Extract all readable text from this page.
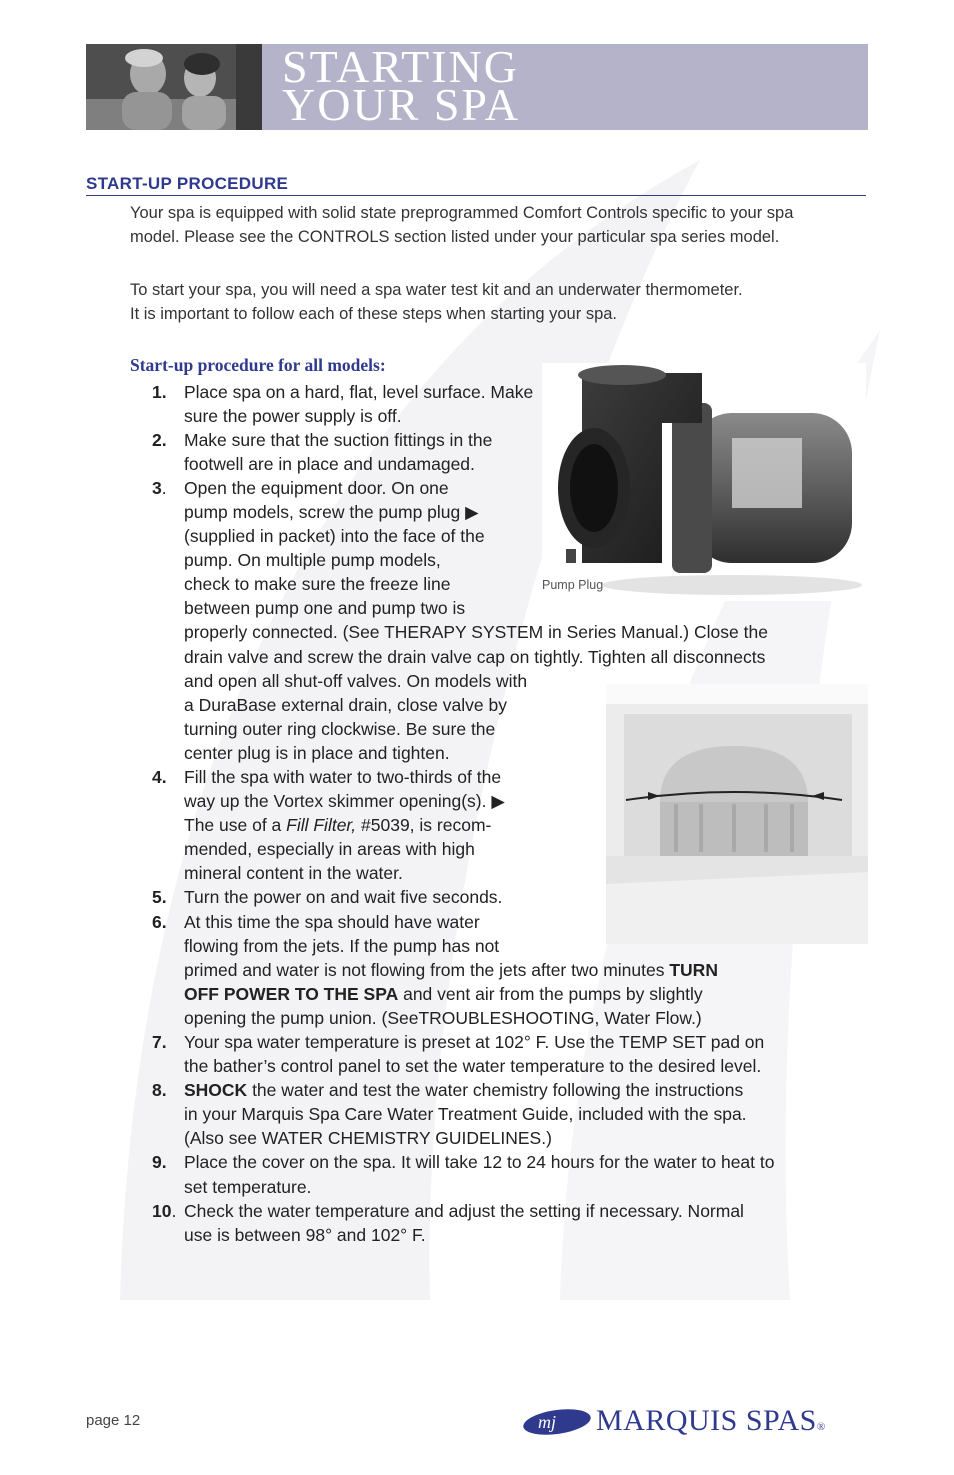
STARTING
YOUR SPA
START-UP PROCEDURE

Your spa is equipped with solid state preprogrammed Comfort Controls specific to your spa
model. Please see the CONTROLS section listed under your particular spa series model.

To start your spa, you will need a spa water test kit and an underwater thermometer.
It is important to follow each of these steps when starting your spa.

Start-up procedure for all models:

1. Place spa on a hard, flat, level surface. Make

sure the power supply is off.

2. Make sure that the suction fittings in the

footwell are in place and undamaged.

3. Open the equipment door. On one

pump models, screw the pump plug ▶

(supplied in packet) into the face of the

pump. On multiple pump models,

check to make sure the freeze line

between pump one and pump two is

properly connected. (See THERAPY SYSTEM in Series Manual.) Close the

drain valve and screw the drain valve cap on tightly. Tighten all disconnects

and open all shut-off valves. On models with

a DuraBase external drain, close valve by

turning outer ring clockwise. Be sure the

center plug is in place and tighten.

4. Fill the spa with water to two-thirds of the

way up the Vortex skimmer opening(s). ▶

The use of a Fill Filter, #5039, is recom-

mended, especially in areas with high

mineral content in the water.

5. Turn the power on and wait five seconds.

6. At this time the spa should have water

flowing from the jets. If the pump has not

primed and water is not flowing from the jets after two minutes TURN

OFF POWER TO THE SPA and vent air from the pumps by slightly

opening the pump union. (SeeTROUBLESHOOTING, Water Flow.)

7. Your spa water temperature is preset at 102° F. Use the TEMP SET pad on

the bather’s control panel to set the water temperature to the desired level.

8. SHOCK the water and test the water chemistry following the instructions

in your Marquis Spa Care Water Treatment Guide, included with the spa.

(Also see WATER CHEMISTRY GUIDELINES.)

9. Place the cover on the spa. It will take 12 to 24 hours for the water to heat to

set temperature.

10. Check the water temperature and adjust the setting if necessary. Normal

use is between 98° and 102° F.

Pump Plug

page 12	mj MARQUIS SPAS®
